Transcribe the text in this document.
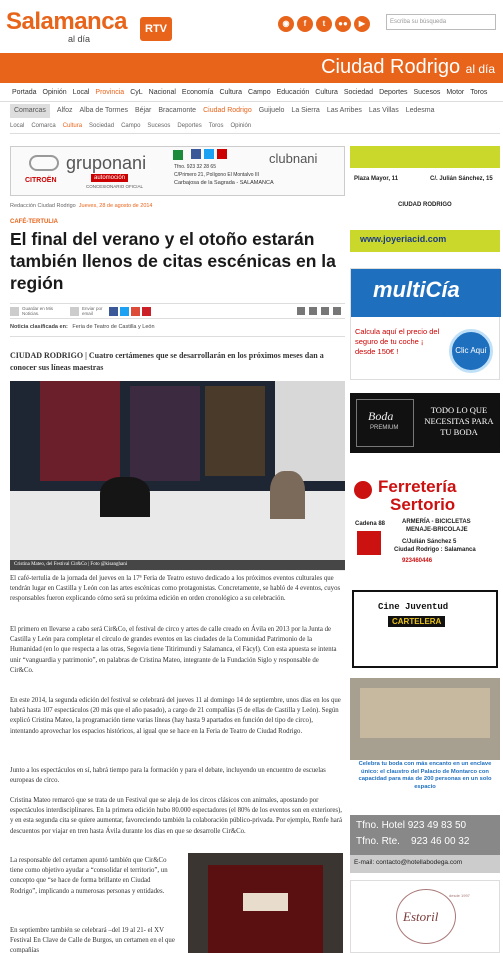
Salamanca
al día
RTV	◉	f	t	●●	▶	Escriba su búsqueda
Ciudad Rodrigo al día
Portada Opinión Local Provincia CyL Nacional Economía Cultura Campo Educación Cultura Sociedad Deportes Sucesos Motor Toros
Comarcas	Alfoz Alba de Tormes Béjar Bracamonte Ciudad Rodrigo Guijuelo La Sierra Las Arribes Las Villas Ledesma
Local Comarca Cultura Sociedad Campo Sucesos Deportes Toros Opinión
CITROËN
gruponani
automoción
CONCESIONARIO OFICIAL
Tfno. 923 32 28 65
C/Primero 21, Polígono El Montalvo III
Carbajosa de la Sagrada - SALAMANCA
clubnani
Redacción Ciudad Rodrigo Jueves, 28 de agosto de 2014
CAFÉ-TERTULIA
El final del verano y el otoño estarán también llenos de citas escénicas en la región
Guardar en Mis Noticias.
Enviar por email
Noticia clasificada en: Feria de Teatro de Castilla y León
CIUDAD RODRIGO | Cuatro certámenes que se desarrollarán en los próximos meses dan a conocer sus líneas maestras
Cristina Mateo, del Festival Cir&Co | Foto @kisanghani

El café-tertulia de la jornada del jueves en la 17ª Feria de Teatro estuvo dedicado a los próximos eventos culturales que tendrán lugar en Castilla y León con las artes escénicas como protagonistas. Concretamente, se habló de 4 eventos, cuyos responsables fueron explicando cómo será su próxima edición en orden cronológico a su celebración.

El primero en llevarse a cabo será Cir&Co, el festival de circo y artes de calle creado en Ávila en 2013 por la Junta de Castilla y León para completar el círculo de grandes eventos en las ciudades de la Comunidad Patrimonio de la Humanidad (en lo que respecta a las otras, Segovia tiene Titirimundi y Salamanca, el Fàcyl). Con esta apuesta se intenta unir “vanguardia y patrimonio”, en palabras de Cristina Mateo, integrante de la Fundación Siglo y responsable de Cir&Co.

En este 2014, la segunda edición del festival se celebrará del jueves 11 al domingo 14 de septiembre, unos días en los que habrá hasta 107 espectáculos (20 más que el año pasado), a cargo de 21 compañías (5 de ellas de Castilla y León). Según explicó Cristina Mateo, la programación tiene varias líneas (hay hasta 9 apartados en función del tipo de circo), intentando aprovechar los espacios históricos, al igual que se hace en la Feria de Teatro de Ciudad Rodrigo.

Junto a los espectáculos en sí, habrá tiempo para la formación y para el debate, incluyendo un encuentro de escuelas europeas de circo.

Cristina Mateo remarcó que se trata de un Festival que se aleja de los circos clásicos con animales, apostando por espectáculos interdisciplinares. En la primera edición hubo 80.000 espectadores (el 80% de los eventos son en exteriores), y en esta segunda cita se quiere aumentar, favoreciendo también la colaboración público-privada. Por ejemplo, Renfe hará descuentos por viajar en tren hasta Ávila durante los días en que se desarrolle Cir&Co.

La responsable del certamen apuntó también que Cir&Co tiene como objetivo ayudar a “consolidar el territorio”, un concepto que “se hace de forma brillante en Ciudad Rodrigo”, implicando a numerosas personas y entidades.

En septiembre también se celebrará –del 19 al 21- el XV Festival En Clave de Calle de Burgos, un certamen en el que compañías

Plaza Mayor, 11	C/. Julián Sánchez, 15
CIUDAD RODRIGO
www.joyeriacid.com
multiCía
Correduría de Seguros, S.L.
Calcula aquí el precio del seguro de tu coche ¡ desde 150€ !	Clic Aquí
Boda
PREMIUM
TODO LO QUE NECESITAS PARA TU BODA
Ferretería
Sertorio
Cadena 88	ARMERÍA - BICICLETAS
MENAJE-BRICOLAJE
C/Julián Sánchez 5
Ciudad Rodrigo : Salamanca
923460446
Cine Juventud
CARTELERA
Celebra tu boda con más encanto en un enclave único: el claustro del Palacio de Montarco con capacidad para más de 200 personas en un solo espacio
Tfno. Hotel 923 49 83 50
Tfno. Rte.    923 46 00 32
E-mail: contacto@hotellabodega.com
desde 1997
Estoril
